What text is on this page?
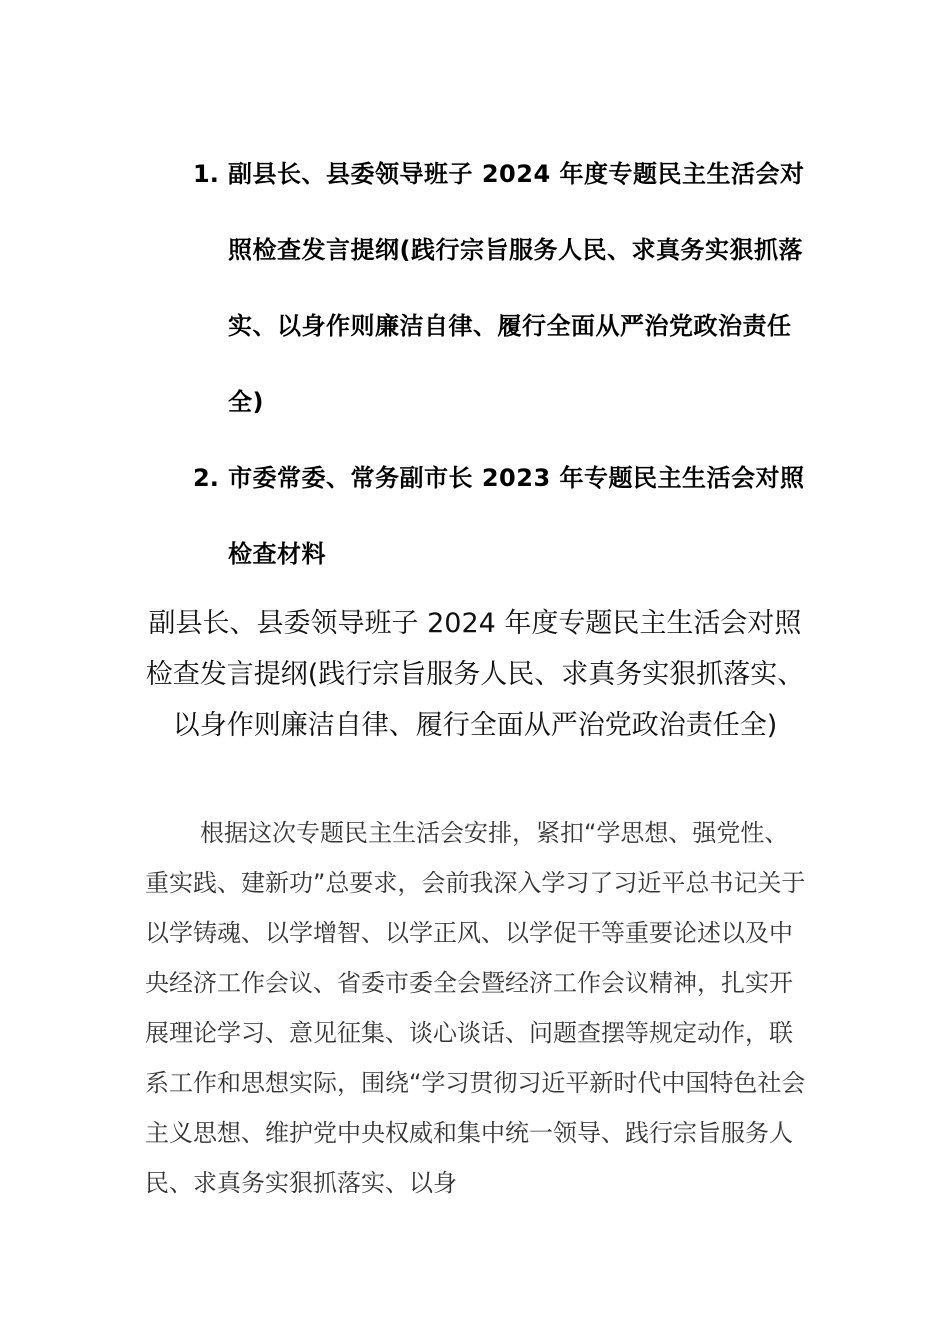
1. 副县长、县委领导班子 2024 年度专题民主生活会对照检查发言提纲(践行宗旨服务人民、求真务实狠抓落实、以身作则廉洁自律、履行全面从严治党政治责任全)
2. 市委常委、常务副市长 2023 年专题民主生活会对照检查材料
副县长、县委领导班子 2024 年度专题民主生活会对照检查发言提纲(践行宗旨服务人民、求真务实狠抓落实、以身作则廉洁自律、履行全面从严治党政治责任全)

根据这次专题民主生活会安排，紧扣“学思想、强党性、重实践、建新功”总要求，会前我深入学习了习近平总书记关于以学铸魂、以学增智、以学正风、以学促干等重要论述以及中央经济工作会议、省委市委全会暨经济工作会议精神，扎实开展理论学习、意见征集、谈心谈话、问题查摆等规定动作，联系工作和思想实际，围绕“学习贯彻习近平新时代中国特色社会主义思想、维护党中央权威和集中统一领导、践行宗旨服务人民、求真务实狠抓落实、以身
